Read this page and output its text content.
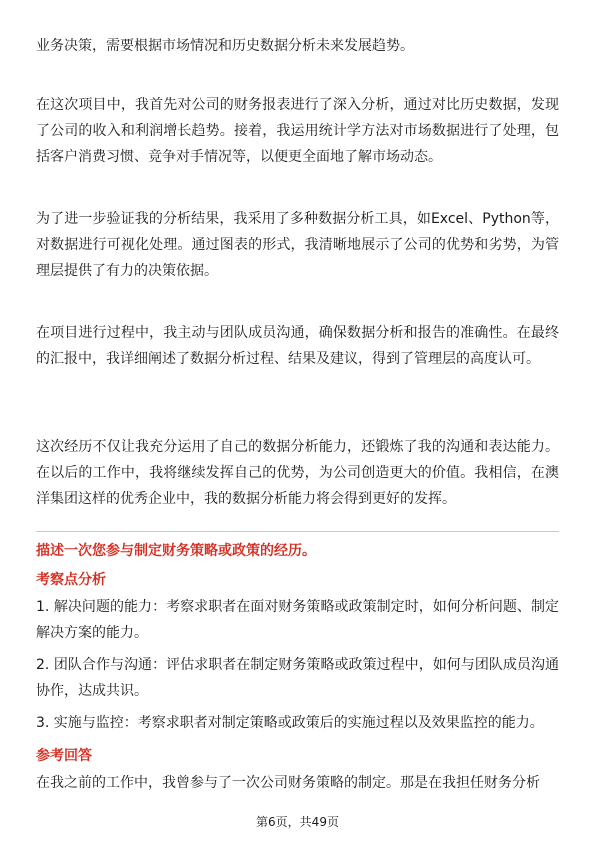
业务决策，需要根据市场情况和历史数据分析未来发展趋势。

在这次项目中，我首先对公司的财务报表进行了深入分析，通过对比历史数据，发现了公司的收入和利润增长趋势。接着，我运用统计学方法对市场数据进行了处理，包括客户消费习惯、竞争对手情况等，以便更全面地了解市场动态。

为了进一步验证我的分析结果，我采用了多种数据分析工具，如Excel、Python等，对数据进行可视化处理。通过图表的形式，我清晰地展示了公司的优势和劣势，为管理层提供了有力的决策依据。

在项目进行过程中，我主动与团队成员沟通，确保数据分析和报告的准确性。在最终的汇报中，我详细阐述了数据分析过程、结果及建议，得到了管理层的高度认可。

这次经历不仅让我充分运用了自己的数据分析能力，还锻炼了我的沟通和表达能力。在以后的工作中，我将继续发挥自己的优势，为公司创造更大的价值。我相信，在澳洋集团这样的优秀企业中，我的数据分析能力将会得到更好的发挥。

描述一次您参与制定财务策略或政策的经历。

考察点分析

1. 解决问题的能力：考察求职者在面对财务策略或政策制定时，如何分析问题、制定解决方案的能力。

2. 团队合作与沟通：评估求职者在制定财务策略或政策过程中，如何与团队成员沟通协作，达成共识。

3. 实施与监控：考察求职者对制定策略或政策后的实施过程以及效果监控的能力。

参考回答

在我之前的工作中，我曾参与了一次公司财务策略的制定。那是在我担任财务分析

第6页，共49页
